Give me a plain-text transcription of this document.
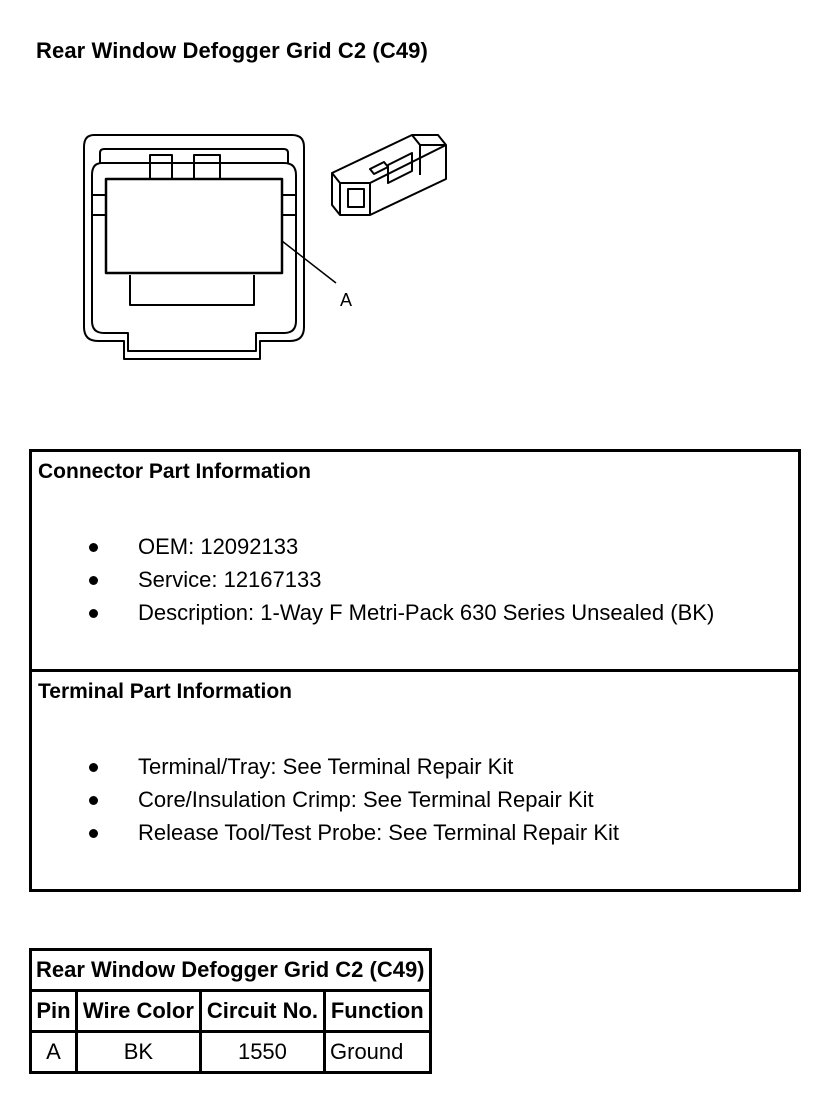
Rear Window Defogger Grid C2 (C49)
A
Connector Part Information
OEM: 12092133
Service: 12167133
Description: 1-Way F Metri-Pack 630 Series Unsealed (BK)
Terminal Part Information
Terminal/Tray: See Terminal Repair Kit
Core/Insulation Crimp: See Terminal Repair Kit
Release Tool/Test Probe: See Terminal Repair Kit
Rear Window Defogger Grid C2 (C49)			
Pin	Wire Color	Circuit No.	Function
A	BK	1550	Ground
